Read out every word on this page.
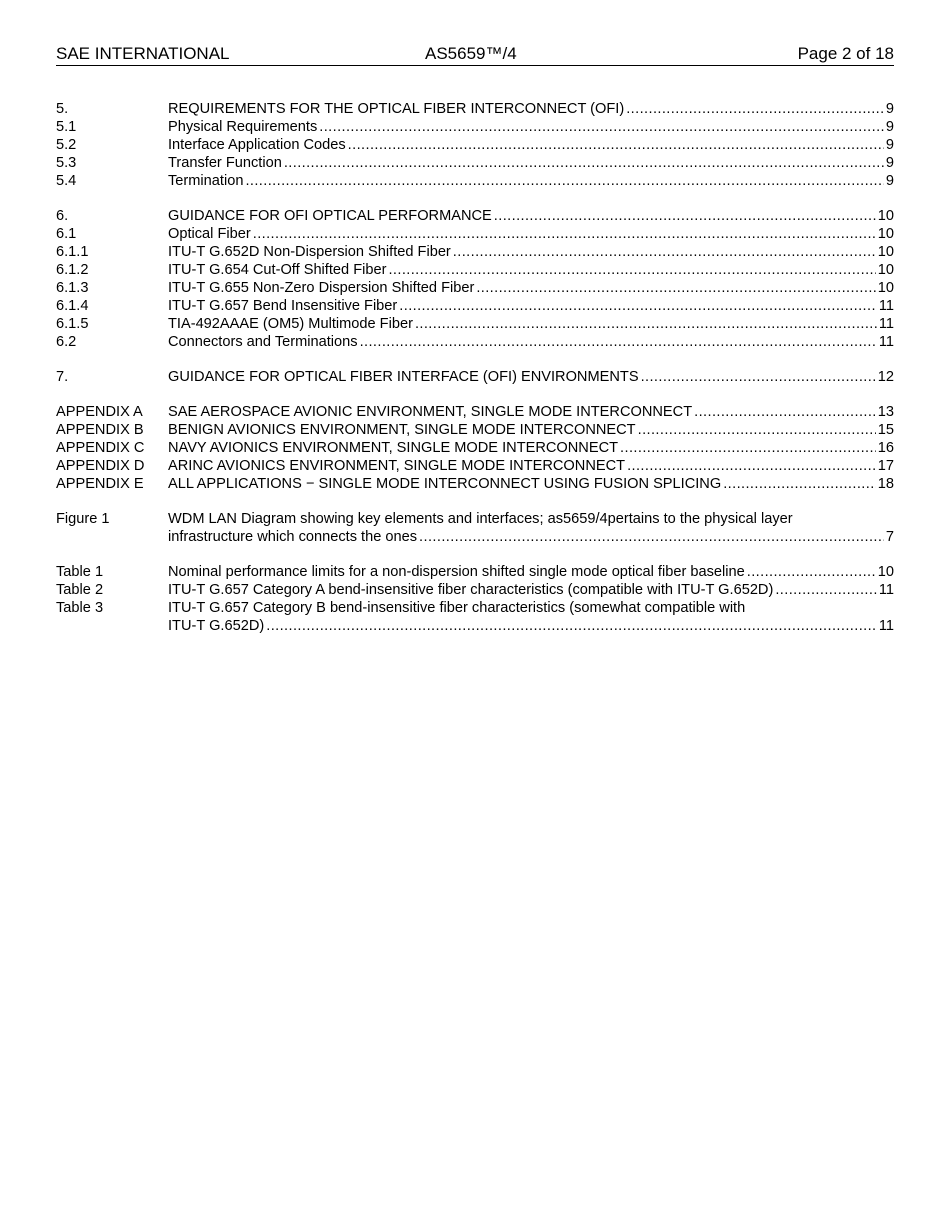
SAE INTERNATIONAL	AS5659™/4	Page 2 of 18
5.	REQUIREMENTS FOR THE OPTICAL FIBER INTERCONNECT (OFI) .....	9
5.1	Physical Requirements .....	9
5.2	Interface Application Codes .....	9
5.3	Transfer Function .....	9
5.4	Termination .....	9
6.	GUIDANCE FOR OFI OPTICAL PERFORMANCE .....	10
6.1	Optical Fiber .....	10
6.1.1	ITU-T G.652D Non-Dispersion Shifted Fiber .....	10
6.1.2	ITU-T G.654 Cut-Off Shifted Fiber .....	10
6.1.3	ITU-T G.655 Non-Zero Dispersion Shifted Fiber .....	10
6.1.4	ITU-T G.657 Bend Insensitive Fiber .....	11
6.1.5	TIA-492AAAE (OM5) Multimode Fiber .....	11
6.2	Connectors and Terminations .....	11
7.	GUIDANCE FOR OPTICAL FIBER INTERFACE (OFI) ENVIRONMENTS .....	12
APPENDIX A SAE AEROSPACE AVIONIC ENVIRONMENT, SINGLE MODE INTERCONNECT .....	13
APPENDIX B BENIGN AVIONICS ENVIRONMENT, SINGLE MODE INTERCONNECT .....	15
APPENDIX C NAVY AVIONICS ENVIRONMENT, SINGLE MODE INTERCONNECT .....	16
APPENDIX D ARINC AVIONICS ENVIRONMENT, SINGLE MODE INTERCONNECT .....	17
APPENDIX E ALL APPLICATIONS − SINGLE MODE INTERCONNECT USING FUSION SPLICING .....	18
Figure 1	WDM LAN Diagram showing key elements and interfaces; as5659/4pertains to the physical layer
infrastructure which connects the ones .....	7
Table 1	Nominal performance limits for a non-dispersion shifted single mode optical fiber baseline .....	10
Table 2	ITU-T G.657 Category A bend-insensitive fiber characteristics (compatible with ITU-T G.652D) .....	11
Table 3	ITU-T G.657 Category B bend-insensitive fiber characteristics (somewhat compatible with
ITU-T G.652D) .....	11
